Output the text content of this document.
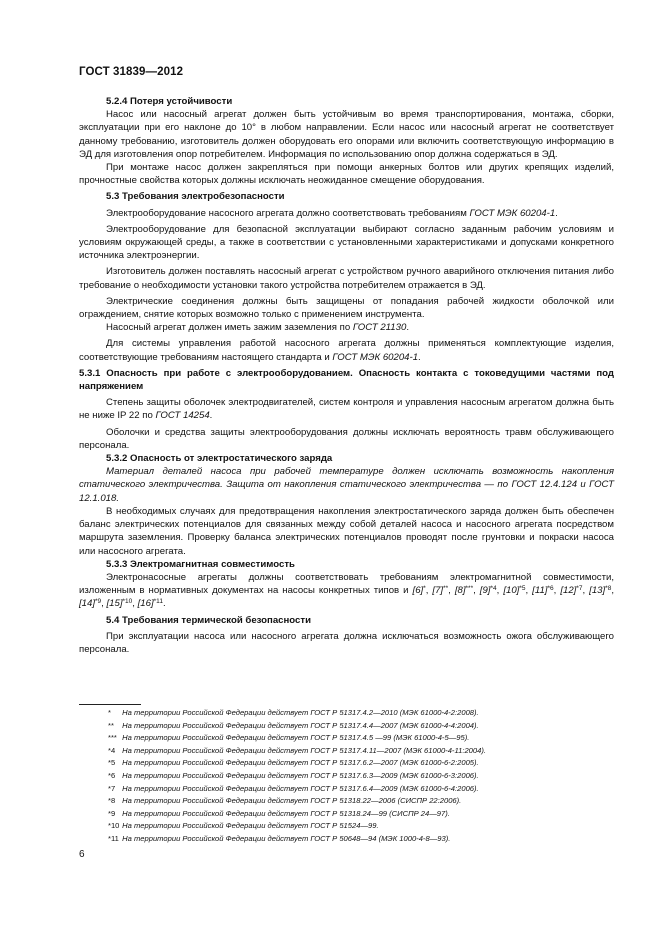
ГОСТ 31839—2012

5.2.4 Потеря устойчивости

Насос или насосный агрегат должен быть устойчивым во время транспортирования, монтажа, сборки, эксплуатации при его наклоне до 10° в любом направлении. Если насос или насосный агрегат не соответствует данному требованию, изготовитель должен оборудовать его опорами или включить соответствующую информацию в ЭД для изготовления опор потребителем. Информация по использованию опор должна содержаться в ЭД.

При монтаже насос должен закрепляться при помощи анкерных болтов или других крепящих изделий, прочностные свойства которых должны исключать неожиданное смещение оборудования.

5.3 Требования электробезопасности

Электрооборудование насосного агрегата должно соответствовать требованиям ГОСТ МЭК 60204-1.

Электрооборудование для безопасной эксплуатации выбирают согласно заданным рабочим условиям и условиям окружающей среды, а также в соответствии с установленными характеристиками и допусками конкретного источника электроэнергии.

Изготовитель должен поставлять насосный агрегат с устройством ручного аварийного отключения питания либо требование о необходимости установки такого устройства потребителем отражается в ЭД.

Электрические соединения должны быть защищены от попадания рабочей жидкости оболочкой или ограждением, снятие которых возможно только с применением инструмента.

Насосный агрегат должен иметь зажим заземления по ГОСТ 21130.

Для системы управления работой насосного агрегата должны применяться комплектующие изделия, соответствующие требованиям настоящего стандарта и ГОСТ МЭК 60204-1.

5.3.1 Опасность при работе с электрооборудованием. Опасность контакта с токоведущими частями под напряжением

Степень защиты оболочек электродвигателей, систем контроля и управления насосным агрегатом должна быть не ниже IP 22 по ГОСТ 14254.

Оболочки и средства защиты электрооборудования должны исключать вероятность травм обслуживающего персонала.

5.3.2 Опасность от электростатического заряда

Материал деталей насоса при рабочей температуре должен исключать возможность накопления статического электричества. Защита от накопления статического электричества — по ГОСТ 12.4.124 и ГОСТ 12.1.018.

В необходимых случаях для предотвращения накопления электростатического заряда должен быть обеспечен баланс электрических потенциалов для связанных между собой деталей насоса и насосного агрегата посредством маршрута заземления. Проверку баланса электрических потенциалов проводят после грунтовки и покраски насоса или насосного агрегата.

5.3.3 Электромагнитная совместимость

Электронасосные агрегаты должны соответствовать требованиям электромагнитной совместимости, изложенным в нормативных документах на насосы конкретных типов и [6]*, [7]**, [8]***, $[9]^{*4}$, $[10]^{*5}$, $[11]^{*6}$, $[12]^{*7}$, $[13]^{*8}$, $[14]^{*9}$, $[15]^{*10}$, $[16]^{*11}$.

5.4 Требования термической безопасности

При эксплуатации насоса или насосного агрегата должна исключаться возможность ожога обслуживающего персонала.

* На территории Российской Федерации действует ГОСТ Р 51317.4.2—2010 (МЭК 61000-4-2:2008).
** На территории Российской Федерации действует ГОСТ Р 51317.4.4—2007 (МЭК 61000-4-4:2004).
*** На территории Российской Федерации действует ГОСТ Р 51317.4.5 —99 (МЭК 61000-4-5—95).
*4 На территории Российской Федерации действует ГОСТ Р 51317.4.11—2007 (МЭК 61000-4-11:2004).
*5 На территории Российской Федерации действует ГОСТ Р 51317.6.2—2007 (МЭК 61000-6-2:2005).
*6 На территории Российской Федерации действует ГОСТ Р 51317.6.3—2009 (МЭК 61000-6-3:2006).
*7 На территории Российской Федерации действует ГОСТ Р 51317.6.4—2009 (МЭК 61000-6-4:2006).
*8 На территории Российской Федерации действует ГОСТ Р 51318.22—2006 (СИСПР 22:2006).
*9 На территории Российской Федерации действует ГОСТ Р 51318.24—99 (СИСПР 24—97).
*10 На территории Российской Федерации действует ГОСТ Р 51524—99.
*11 На территории Российской Федерации действует ГОСТ Р 50648—94 (МЭК 1000-4-8—93).
6
